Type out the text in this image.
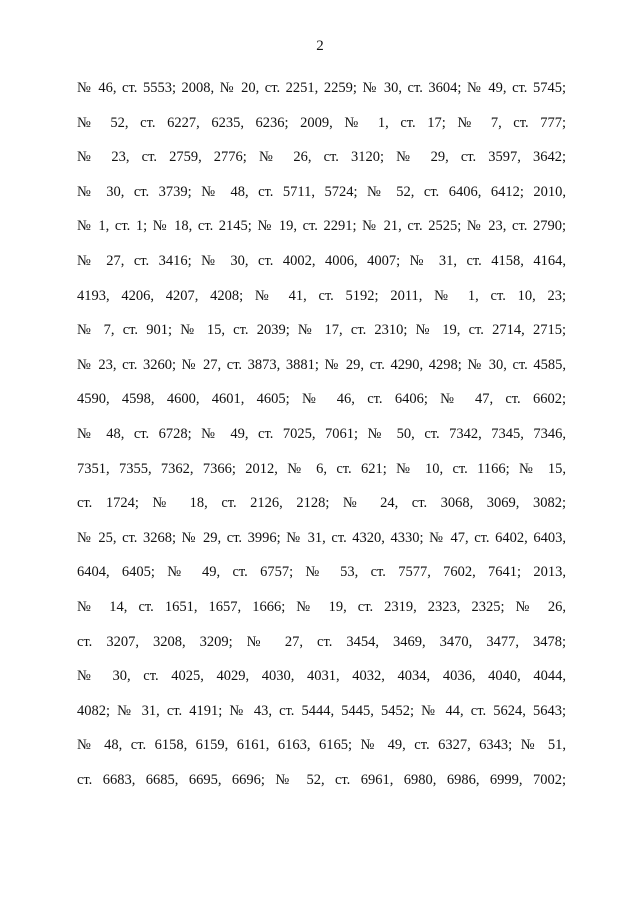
2
№ 46, ст. 5553; 2008, № 20, ст. 2251, 2259; № 30, ст. 3604; № 49, ст. 5745;
№ 52, ст. 6227, 6235, 6236; 2009, № 1, ст. 17; № 7, ст. 777;
№ 23, ст. 2759, 2776; № 26, ст. 3120; № 29, ст. 3597, 3642;
№ 30, ст. 3739; № 48, ст. 5711, 5724; № 52, ст. 6406, 6412; 2010,
№ 1, ст. 1; № 18, ст. 2145; № 19, ст. 2291; № 21, ст. 2525; № 23, ст. 2790;
№ 27, ст. 3416; № 30, ст. 4002, 4006, 4007; № 31, ст. 4158, 4164,
4193, 4206, 4207, 4208; № 41, ст. 5192; 2011, № 1, ст. 10, 23;
№ 7, ст. 901; № 15, ст. 2039; № 17, ст. 2310; № 19, ст. 2714, 2715;
№ 23, ст. 3260; № 27, ст. 3873, 3881; № 29, ст. 4290, 4298; № 30, ст. 4585,
4590, 4598, 4600, 4601, 4605; № 46, ст. 6406; № 47, ст. 6602;
№ 48, ст. 6728; № 49, ст. 7025, 7061; № 50, ст. 7342, 7345, 7346,
7351, 7355, 7362, 7366; 2012, № 6, ст. 621; № 10, ст. 1166; № 15,
ст. 1724; № 18, ст. 2126, 2128; № 24, ст. 3068, 3069, 3082;
№ 25, ст. 3268; № 29, ст. 3996; № 31, ст. 4320, 4330; № 47, ст. 6402, 6403,
6404, 6405; № 49, ст. 6757; № 53, ст. 7577, 7602, 7641; 2013,
№ 14, ст. 1651, 1657, 1666; № 19, ст. 2319, 2323, 2325; № 26,
ст. 3207, 3208, 3209; № 27, ст. 3454, 3469, 3470, 3477, 3478;
№ 30, ст. 4025, 4029, 4030, 4031, 4032, 4034, 4036, 4040, 4044,
4082; № 31, ст. 4191; № 43, ст. 5444, 5445, 5452; № 44, ст. 5624, 5643;
№ 48, ст. 6158, 6159, 6161, 6163, 6165; № 49, ст. 6327, 6343; № 51,
ст. 6683, 6685, 6695, 6696; № 52, ст. 6961, 6980, 6986, 6999, 7002;
